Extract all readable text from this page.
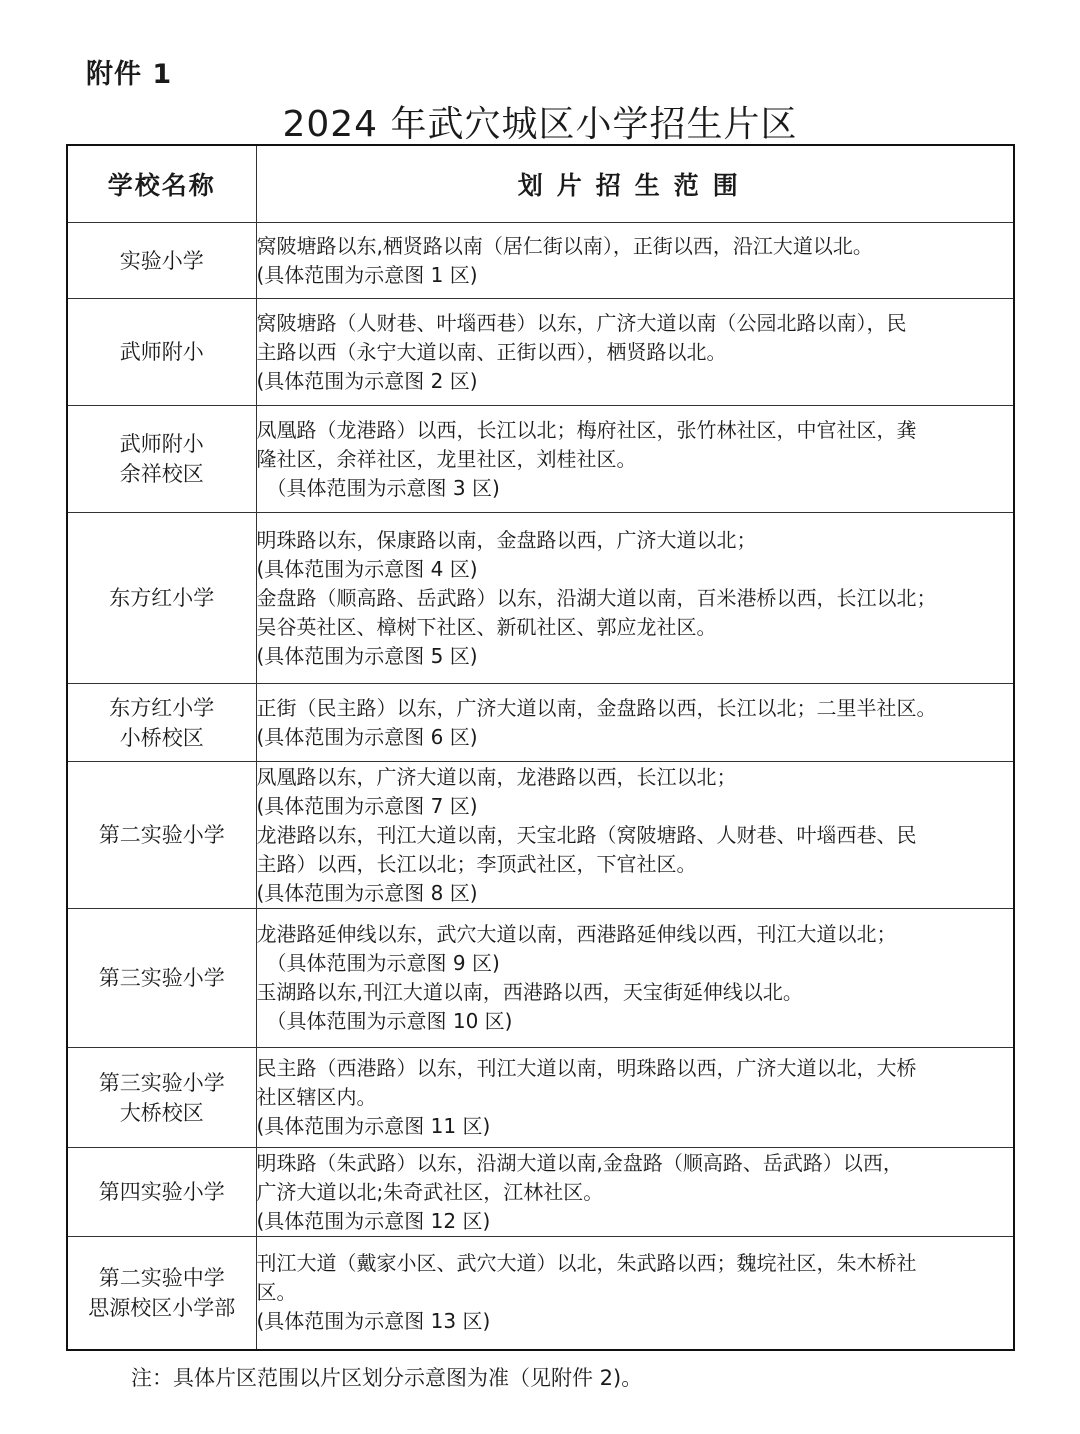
附件 1
2024 年武穴城区小学招生片区
学校名称	划片招生范围

实验小学	窝陂塘路以东,栖贤路以南（居仁街以南），正街以西，沿江大道以北。
(具体范围为示意图 1 区)

武师附小	窝陂塘路（人财巷、叶堖西巷）以东，广济大道以南（公园北路以南），民
主路以西（永宁大道以南、正街以西），栖贤路以北。
(具体范围为示意图 2 区)

武师附小
余祥校区	凤凰路（龙港路）以西，长江以北；梅府社区，张竹林社区，中官社区，龚
隆社区，余祥社区，龙里社区，刘桂社区。
（具体范围为示意图 3 区)

东方红小学	明珠路以东，保康路以南，金盘路以西，广济大道以北；
(具体范围为示意图 4 区)
金盘路（顺高路、岳武路）以东，沿湖大道以南，百米港桥以西，长江以北；
吴谷英社区、樟树下社区、新矶社区、郭应龙社区。
(具体范围为示意图 5 区)

东方红小学
小桥校区	正街（民主路）以东，广济大道以南，金盘路以西，长江以北；二里半社区。
(具体范围为示意图 6 区)

第二实验小学	凤凰路以东，广济大道以南，龙港路以西，长江以北；
(具体范围为示意图 7 区)
龙港路以东，刊江大道以南，天宝北路（窝陂塘路、人财巷、叶堖西巷、民
主路）以西，长江以北；李顶武社区，下官社区。
(具体范围为示意图 8 区)

第三实验小学	龙港路延伸线以东，武穴大道以南，西港路延伸线以西，刊江大道以北；
（具体范围为示意图 9 区)
玉湖路以东,刊江大道以南，西港路以西，天宝街延伸线以北。
（具体范围为示意图 10 区)

第三实验小学
大桥校区	民主路（西港路）以东，刊江大道以南，明珠路以西，广济大道以北，大桥
社区辖区内。
(具体范围为示意图 11 区)

第四实验小学	明珠路（朱武路）以东，沿湖大道以南,金盘路（顺高路、岳武路）以西，
广济大道以北;朱奇武社区，江林社区。
(具体范围为示意图 12 区)

第二实验中学
思源校区小学部	刊江大道（戴家小区、武穴大道）以北，朱武路以西；魏垸社区，朱木桥社
区。
(具体范围为示意图 13 区)
注：具体片区范围以片区划分示意图为准（见附件 2)。
